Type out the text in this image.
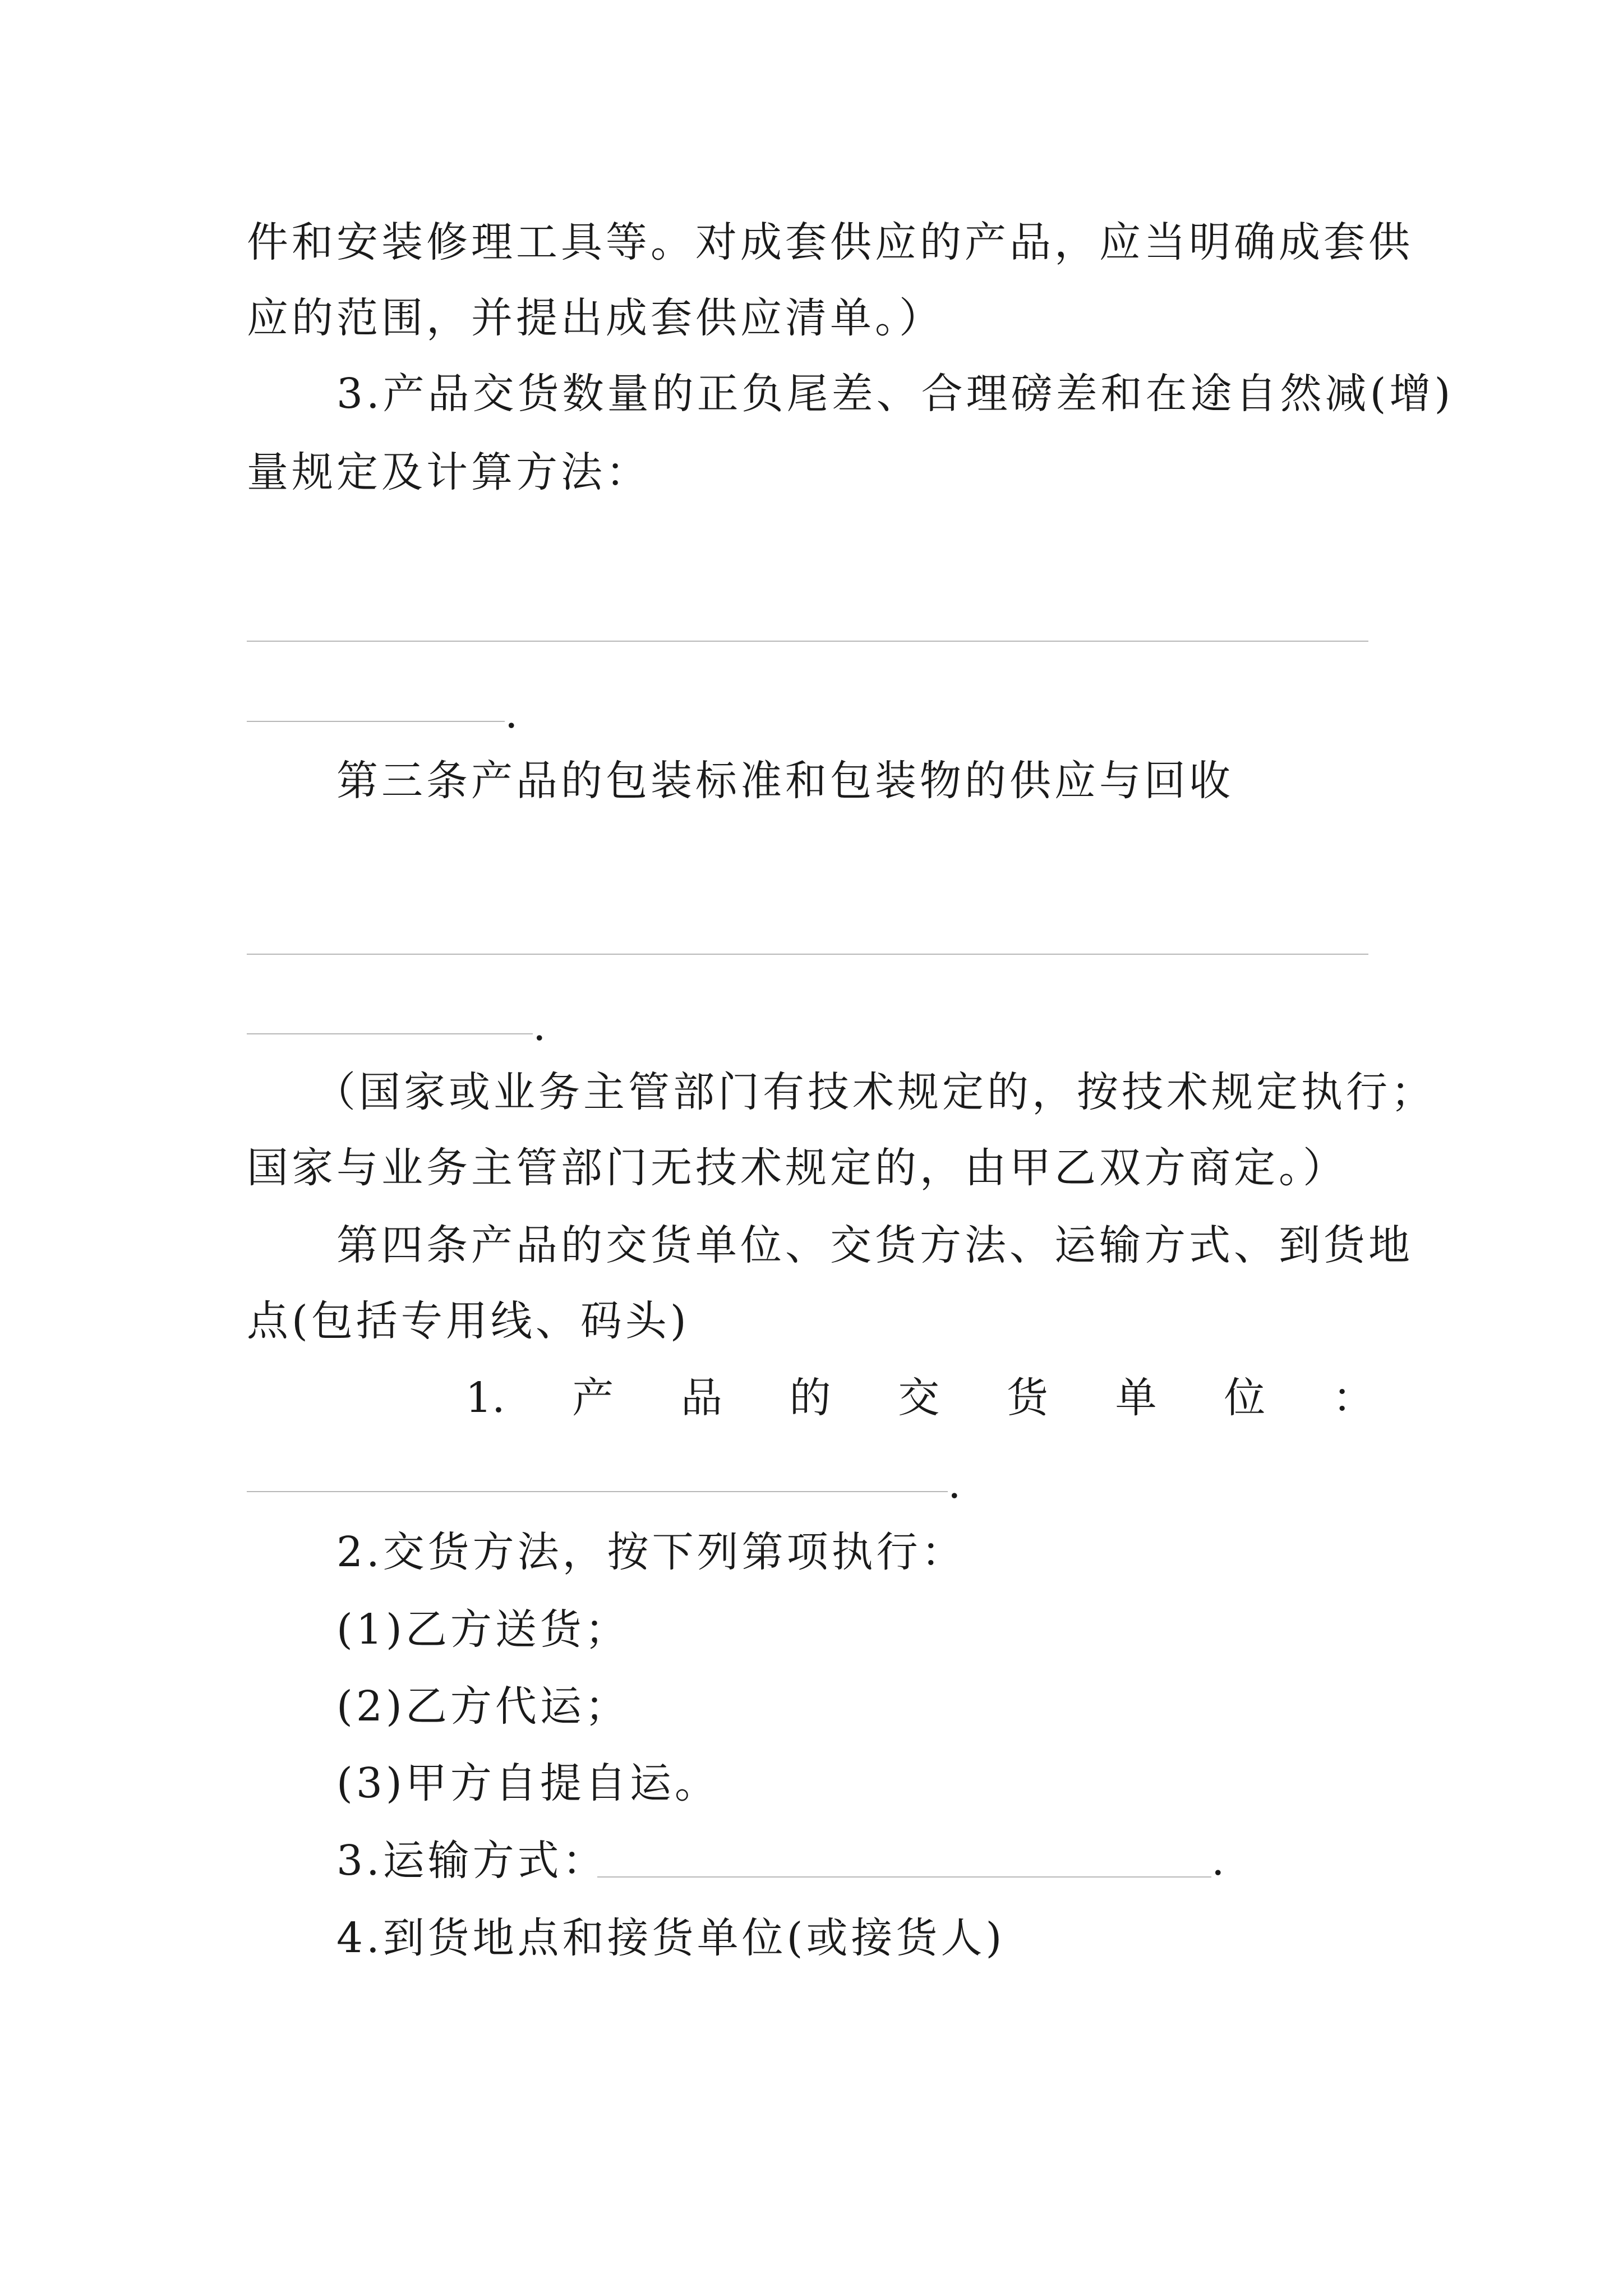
件和安装修理工具等。对成套供应的产品，应当明确成套供
应的范围，并提出成套供应清单。）
3.产品交货数量的正负尾差、合理磅差和在途自然减(增)
量规定及计算方法：
.
第三条产品的包装标准和包装物的供应与回收
.
（国家或业务主管部门有技术规定的，按技术规定执行；
国家与业务主管部门无技术规定的，由甲乙双方商定。）
第四条产品的交货单位、交货方法、运输方式、到货地
点(包括专用线、码头)
1. 产 品 的 交 货 单 位 ：
.
2.交货方法，按下列第项执行：
(1)乙方送货；
(2)乙方代运；
(3)甲方自提自运。
3.运输方式：	.
4.到货地点和接货单位(或接货人)
